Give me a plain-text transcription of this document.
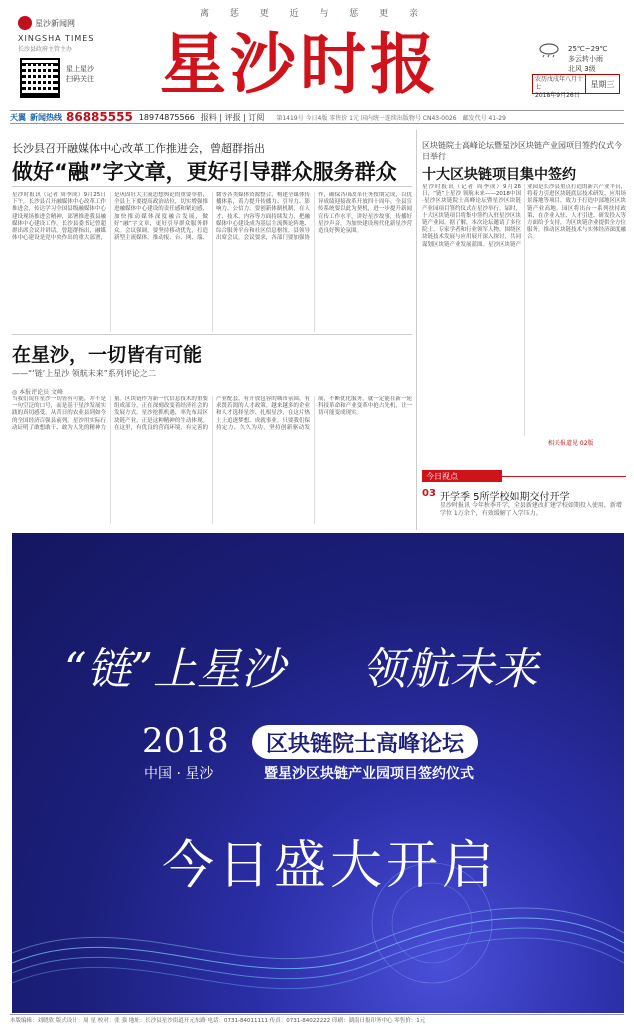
离 惩 更 近 与 惩 更 亲
星沙新闻网
XINGSHA TIMES
长沙县政府主管主办
星上星沙
扫码关注	星沙时报	25℃~29℃
多云转小雨
北风 3级
农历戊戌年八月十七
2018年9月26日
星期三
天翼 新闻热线 86885555 18974875566 报料 | 评报 | 订阅 第1419号 今日4版 零售价 1元 国内统一连续出版物号 CN43-0026 邮发代号 41-29
长沙县召开融媒体中心改革工作推进会，曾超群指出
做好“融”字文章，更好引导群众服务群众
星沙时报讯（记者 周季成）9月25日下午，长沙县召开融媒体中心改革工作推进会，传达学习全国县级融媒体中心建设现场推进会精神，部署推进我县融媒体中心建设工作。长沙县委书记曾超群出席会议并讲话。曾超群指出，融媒体中心建设是党中央作出的重大部署，是巩固壮大主流思想舆论的重要举措，全县上下要提高政治站位，切实增强推进融媒体中心建设的责任感和紧迫感，加快推动媒体深度融合发展，做好“融”字文章，更好引导群众服务群众。会议强调，要坚持移动优先，打造新型主流媒体，推动报、台、网、端、微等各类媒体资源整合，构建全媒体传播体系，着力提升传播力、引导力、影响力、公信力。要创新体制机制，在人才、技术、内容等方面持续发力，把融媒体中心建设成为基层主流舆论阵地、综合服务平台和社区信息枢纽。县领导出席会议。会议要求，各部门要加强协作，确保各项改革任务按期完成，以优异成绩迎接改革开放四十周年。全县宣传系统要以此为契机，进一步提升新闻宣传工作水平，讲好星沙故事，传播好星沙声音，为加快建设现代化新星沙营造良好舆论氛围。
区块链院士高峰论坛暨星沙区块链产业园项目签约仪式今日举行
十大区块链项目集中签约
星沙时报讯（记者 周季成）9月26日，“链”上星沙 领航未来——2018中国·星沙区块链院士高峰论坛暨星沙区块链产业园项目签约仪式在星沙举行。届时，十大区块链项目将集中签约入驻星沙区块链产业园。据了解，本次论坛邀请了多位院士、专家学者和行业领军人物，围绕区块链技术发展与应用展开深入探讨，共同谋划区块链产业发展蓝图。星沙区块链产业园是长沙县重点打造的新兴产业平台，将着力引进区块链底层技术研发、应用场景落地等项目，致力于打造中部地区区块链产业高地。园区将出台一系列扶持政策，在企业入驻、人才引进、研发投入等方面给予支持，为区块链企业提供全方位服务，推动区块链技术与实体经济深度融合。
相关报道见 02版
在星沙，一切皆有可能
——“‘链’上星沙 领航未来”系列评论之二
◎ 本报评论员 文峰
当我们说在星沙一切皆有可能，并不是一句空泛的口号，而是基于星沙发展实践的真切感受。从昔日的农业县到如今的全国经济百强县前列，星沙用实际行动证明了敢想敢干、敢为人先的精神力量。区块链作为新一代信息技术的重要组成部分，正在深刻改变着经济社会的发展方式。星沙抢抓机遇，率先布局区块链产业，正是这种精神的生动体现。在这里，有优良的营商环境，有完善的产业配套，有开放包容的城市氛围，有求贤若渴的人才政策。越来越多的企业和人才选择星沙、扎根星沙，在这片热土上追逐梦想、成就事业。只要我们保持定力、久久为功，坚持创新驱动发展，不断优化服务，就一定能在新一轮科技革命和产业变革中抢占先机，让一切可能变成现实。
今日视点
03 开学季 5所学校如期交付开学
星沙时报讯 今年秋季开学，全县新建改扩建学校如期投入使用，新增学位 1万余个，有效缓解了入学压力。
“链”上星沙 领航未来
2018	区块链院士高峰论坛
中国 · 星沙	暨星沙区块链产业园项目签约仪式
今日盛大开启
本版编辑：刘晓欣 版式设计：周 星 校对：张 强 地址：长沙县星沙街道开元东路 电话：0731-84011111 传真：0731-84022222 印刷：湖南日报印务中心 零售价：1元
